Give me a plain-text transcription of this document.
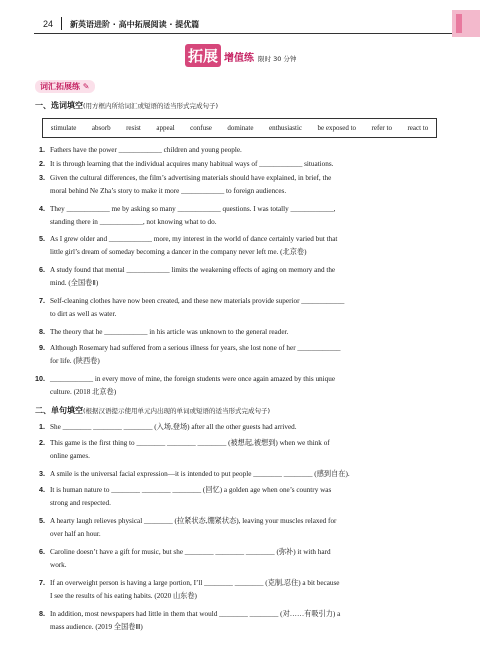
24 新英语进阶 · 高中拓展阅读 · 提优篇
拓展 增值练 限时 30 分钟
词汇拓展练 ✎
一、选词填空(用方框内所给词汇或短语的适当形式完成句子)
stimulate absorb resist appeal confuse dominate enthusiastic be exposed to refer to react to
1. Fathers have the power ____________ children and young people.
2. It is through learning that the individual acquires many habitual ways of ____________ situations.
3. Given the cultural differences, the film’s advertising materials should have explained, in brief, the
moral behind Ne Zha’s story to make it more ____________ to foreign audiences.
4. They ____________ me by asking so many ____________ questions. I was totally ____________,
standing there in ____________, not knowing what to do.
5. As I grew older and ____________ more, my interest in the world of dance certainly varied but that
little girl’s dream of someday becoming a dancer in the company never left me. (北京卷)
6. A study found that mental ____________ limits the weakening effects of aging on memory and the
mind. (全国卷Ⅱ)
7. Self-cleaning clothes have now been created, and these new materials provide superior ____________
to dirt as well as water.
8. The theory that he ____________ in his article was unknown to the general reader.
9. Although Rosemary had suffered from a serious illness for years, she lost none of her ____________
for life. (陕西卷)
10. ____________ in every move of mine, the foreign students were once again amazed by this unique
culture. (2018 北京卷)
二、单句填空(根据汉语提示使用单元内出现的单词或短语的适当形式完成句子)
1. She ________ ________ ________ (入场,登场) after all the other guests had arrived.
2. This game is the first thing to ________ ________ ________ (被想起,被想到) when we think of
online games.
3. A smile is the universal facial expression—it is intended to put people ________ ________ (感到自在).
4. It is human nature to ________ ________ ________ (回忆) a golden age when one’s country was
strong and respected.
5. A hearty laugh relieves physical ________ (拉紧状态,绷紧状态), leaving your muscles relaxed for
over half an hour.
6. Caroline doesn’t have a gift for music, but she ________ ________ ________ (弥补) it with hard
work.
7. If an overweight person is having a large portion, I’ll ________ ________ (克制,忍住) a bit because
I see the results of his eating habits. (2020 山东卷)
8. In addition, most newspapers had little in them that would ________ ________ (对……有吸引力) a
mass audience. (2019 全国卷Ⅲ)
